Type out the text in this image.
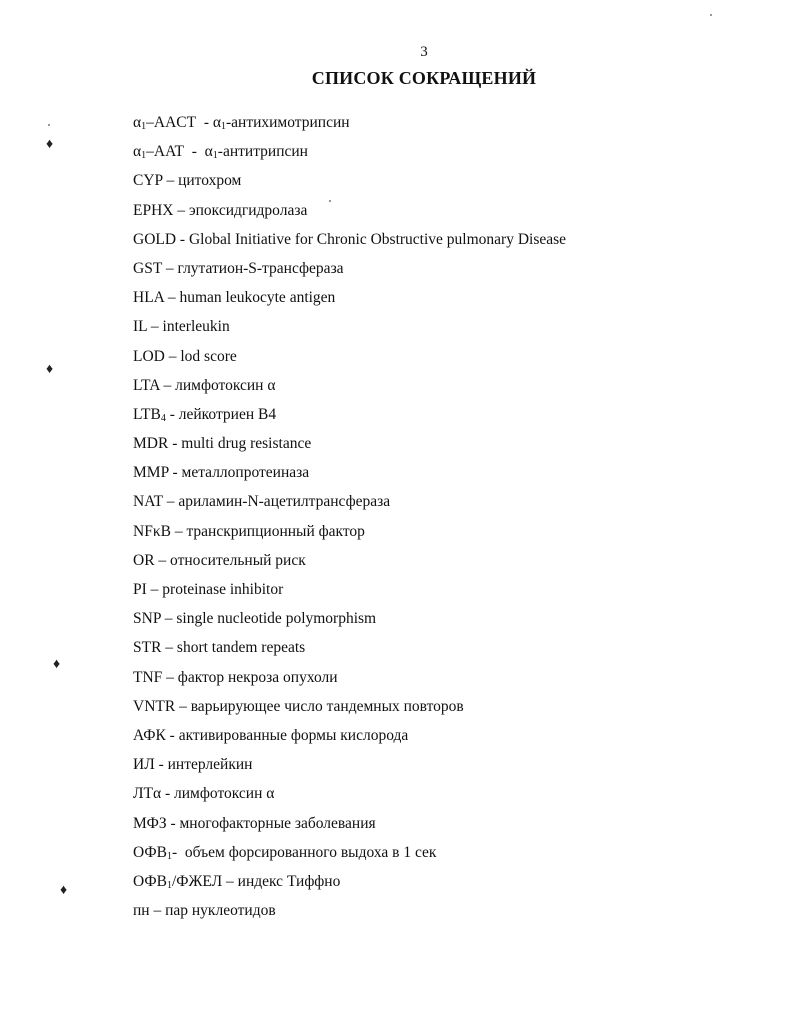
3
СПИСОК СОКРАЩЕНИЙ
$\alpha_1$–AACT  - $\alpha_1$-антихимотрипсин
$\alpha_1$–AAT  -  $\alpha_1$-антитрипсин
CYP – цитохром
EPHX – эпоксидгидролаза
GOLD - Global Initiative for Chronic Obstructive pulmonary Disease
GST – глутатион-S-трансфераза
HLA – human leukocyte antigen
IL – interleukin
LOD – lod score
LTA – лимфотоксин α
$LTB_4$ - лейкотриен B4
MDR - multi drug resistance
MMP - металлопротеиназа
NAT – ариламин-N-ацетилтрансфераза
NFκB – транскрипционный фактор
OR – относительный риск
PI – proteinase inhibitor
SNP – single nucleotide polymorphism
STR – short tandem repeats
TNF – фактор некроза опухоли
VNTR – варьирующее число тандемных повторов
АФК - активированные формы кислорода
ИЛ - интерлейкин
ЛТα - лимфотоксин α
МФЗ - многофакторные заболевания
$ОФВ_1-$  объем форсированного выдоха в 1 сек
$ОФВ_1$/ФЖЕЛ – индекс Тиффно
пн – пар нуклеотидов
♦
♦
♦
♦
